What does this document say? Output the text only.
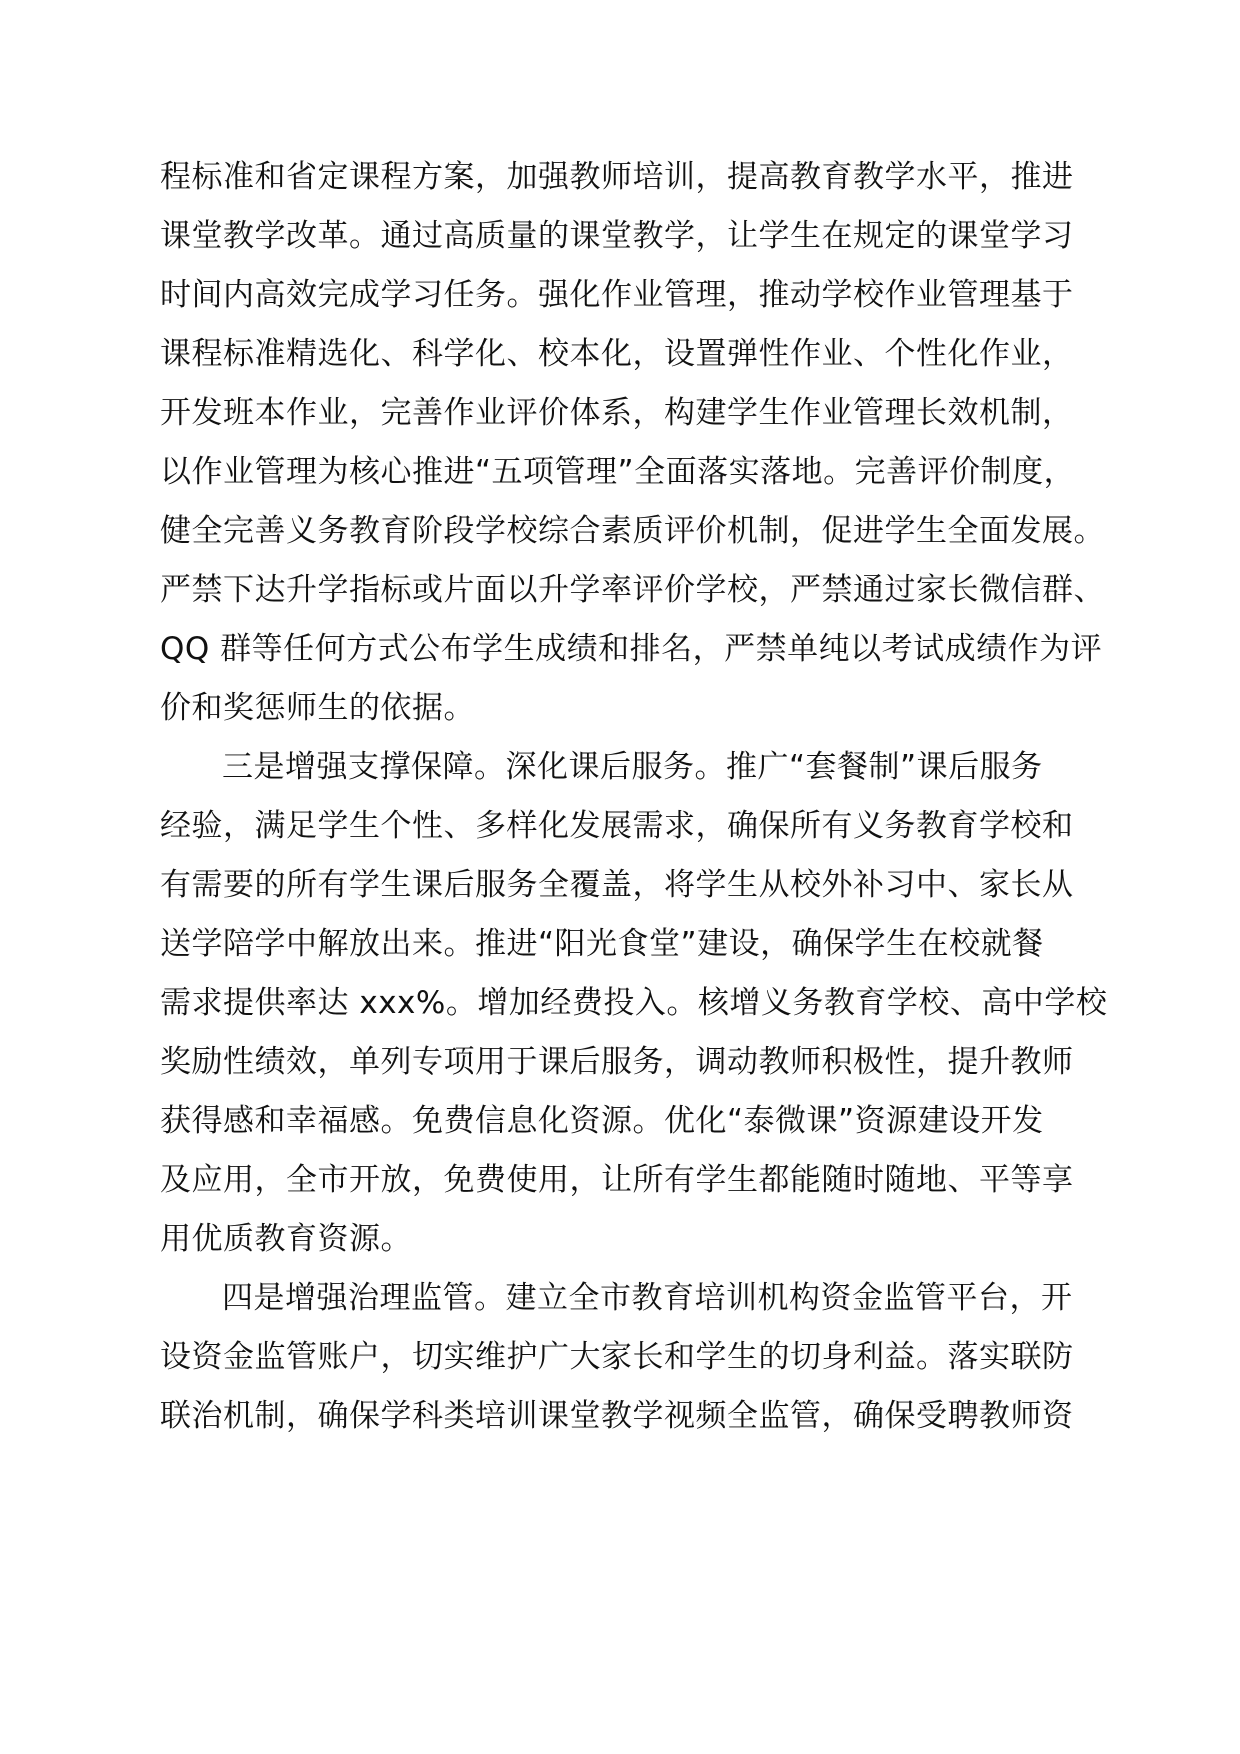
程标准和省定课程方案，加强教师培训，提高教育教学水平，推进
课堂教学改革。通过高质量的课堂教学，让学生在规定的课堂学习
时间内高效完成学习任务。强化作业管理，推动学校作业管理基于
课程标准精选化、科学化、校本化，设置弹性作业、个性化作业，
开发班本作业，完善作业评价体系，构建学生作业管理长效机制，
以作业管理为核心推进“五项管理”全面落实落地。完善评价制度，
健全完善义务教育阶段学校综合素质评价机制，促进学生全面发展。
严禁下达升学指标或片面以升学率评价学校，严禁通过家长微信群、
QQ 群等任何方式公布学生成绩和排名，严禁单纯以考试成绩作为评
价和奖惩师生的依据。
三是增强支撑保障。深化课后服务。推广“套餐制”课后服务
经验，满足学生个性、多样化发展需求，确保所有义务教育学校和
有需要的所有学生课后服务全覆盖，将学生从校外补习中、家长从
送学陪学中解放出来。推进“阳光食堂”建设，确保学生在校就餐
需求提供率达 xxx%。增加经费投入。核增义务教育学校、高中学校
奖励性绩效，单列专项用于课后服务，调动教师积极性，提升教师
获得感和幸福感。免费信息化资源。优化“泰微课”资源建设开发
及应用，全市开放，免费使用，让所有学生都能随时随地、平等享
用优质教育资源。
四是增强治理监管。建立全市教育培训机构资金监管平台，开
设资金监管账户，切实维护广大家长和学生的切身利益。落实联防
联治机制，确保学科类培训课堂教学视频全监管，确保受聘教师资
